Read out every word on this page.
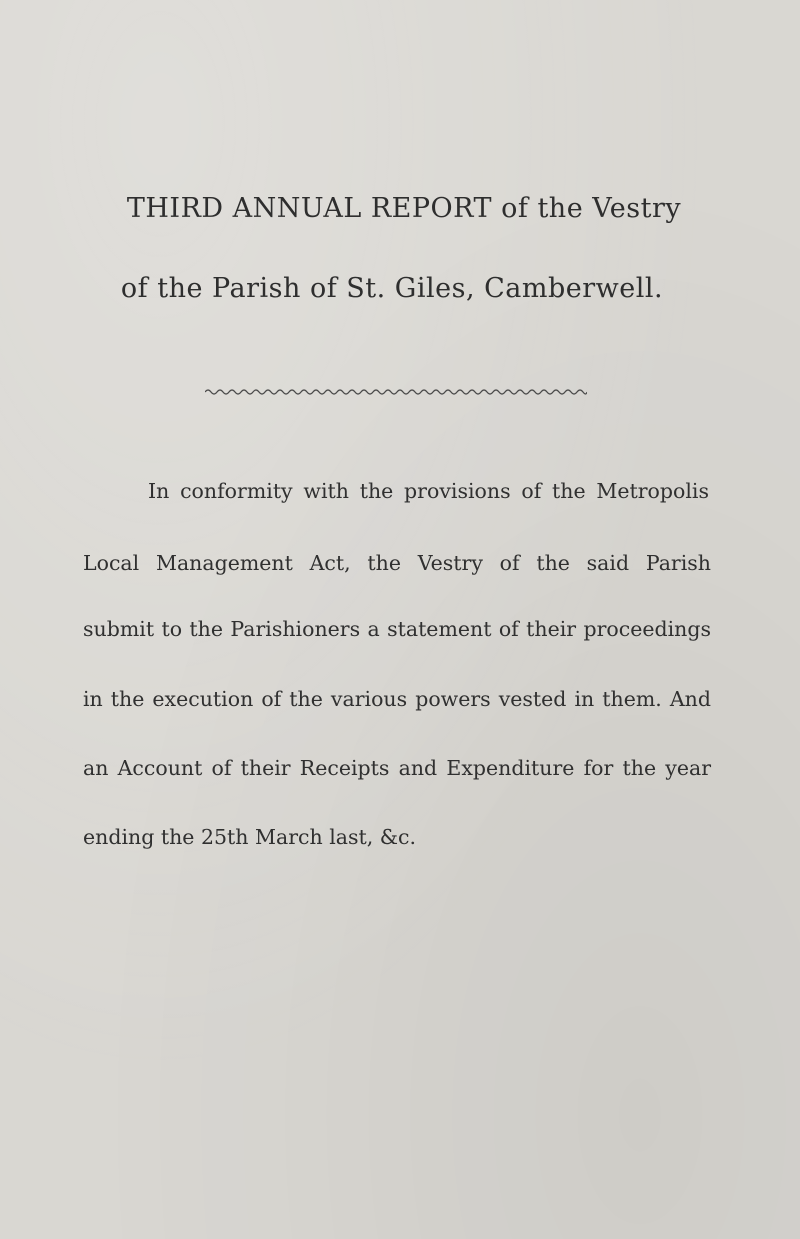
THIRD ANNUAL REPORT of the Vestry
of the Parish of St. Giles, Camberwell.
In conformity with the provisions of the Metropolis
Local Management Act, the Vestry of the said Parish
submit to the Parishioners a statement of their proceedings
in the execution of the various powers vested in them. And
an Account of their Receipts and Expenditure for the year
ending the 25th March last, &c.
